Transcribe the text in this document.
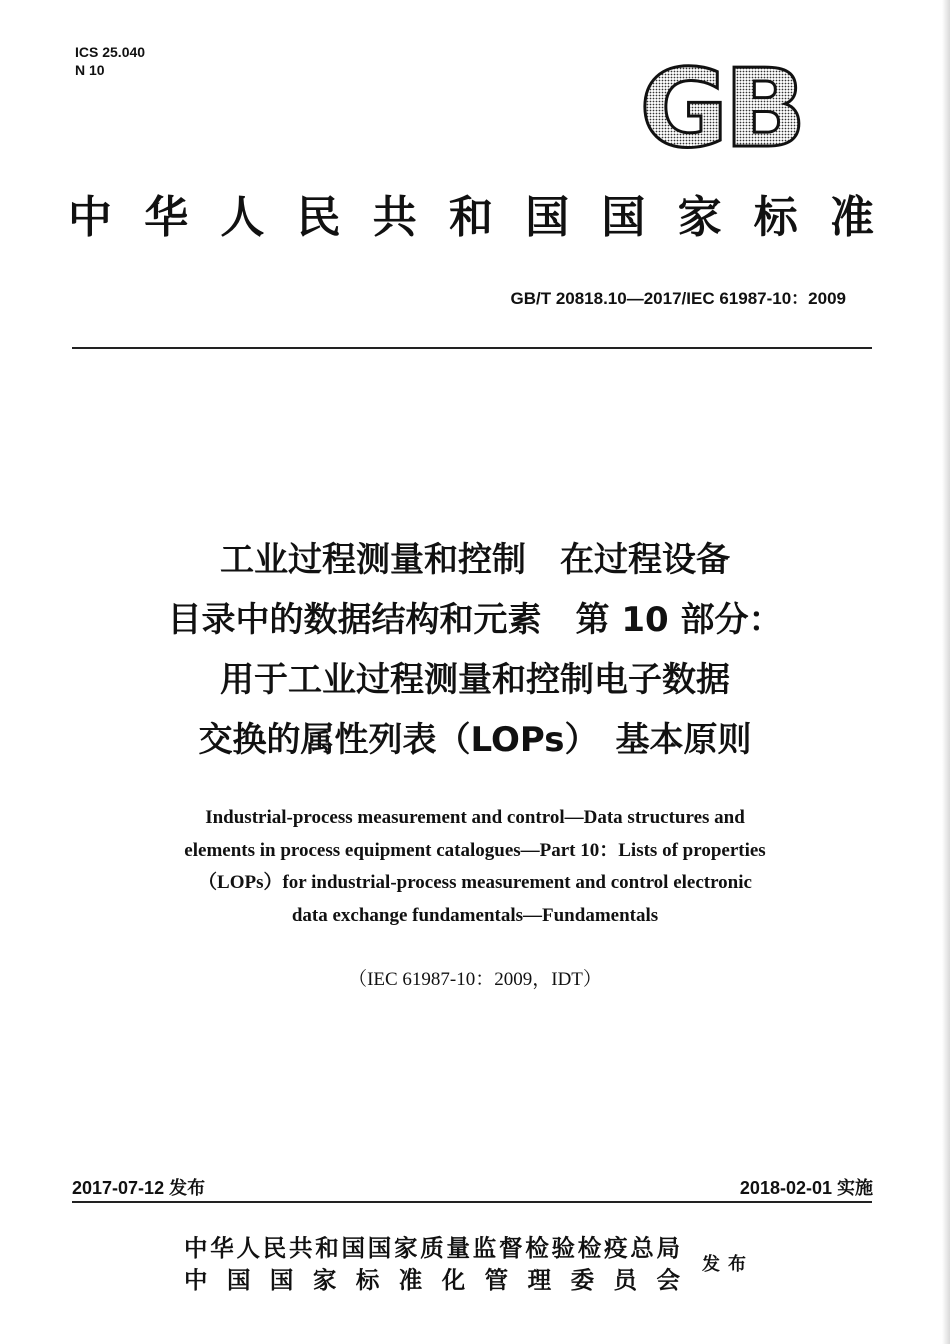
ICS 25.040
N 10	GB
中华人民共和国国家标准
GB/T 20818.10—2017/IEC 61987-10：2009
工业过程测量和控制　在过程设备
目录中的数据结构和元素　第 10 部分：
用于工业过程测量和控制电子数据
交换的属性列表（LOPs）　基本原则
Industrial-process measurement and control—Data structures and
elements in process equipment catalogues—Part 10：Lists of properties
（LOPs）for industrial-process measurement and control electronic
data exchange fundamentals—Fundamentals
（IEC 61987-10：2009，IDT）
2017-07-12 发布	2018-02-01 实施
中华人民共和国国家质量监督检验检疫总局
中国国家标准化管理委员会
发布
